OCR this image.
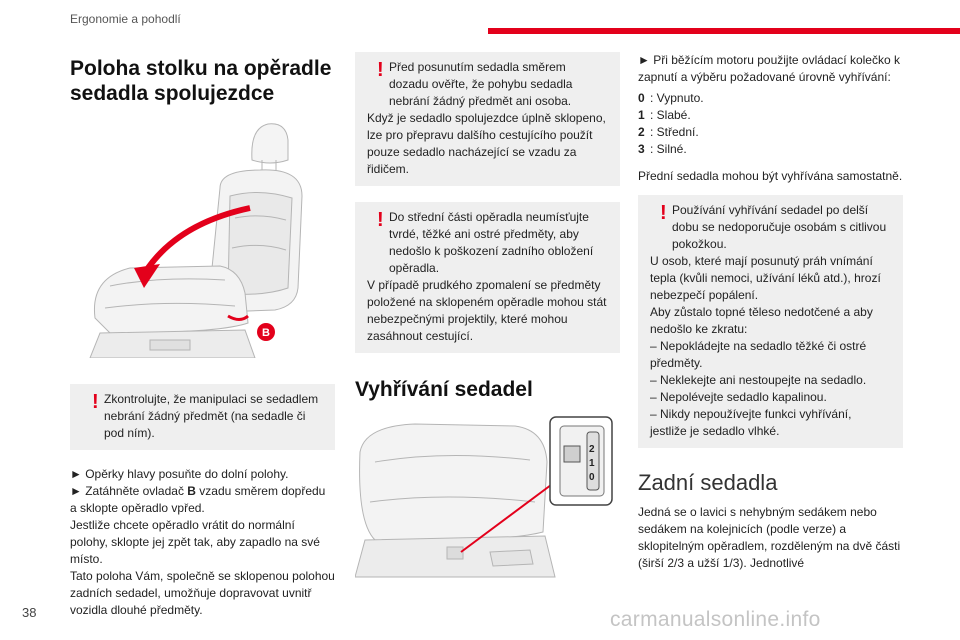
Ergonomie a pohodlí
Poloha stolku na opěradle sedadla spolujezdce
B
! Zkontrolujte, že manipulaci se sedadlem nebrání žádný předmět (na sedadle či pod ním).

► Opěrky hlavy posuňte do dolní polohy.

► Zatáhněte ovladač B vzadu směrem dopředu a sklopte opěradlo vpřed.

Jestliže chcete opěradlo vrátit do normální polohy, sklopte jej zpět tak, aby zapadlo na své místo.

Tato poloha Vám, společně se sklopenou polohou zadních sedadel, umožňuje dopravovat uvnitř vozidla dlouhé předměty.

! Před posunutím sedadla směrem dozadu ověřte, že pohybu sedadla nebrání žádný předmět ani osoba.

Když je sedadlo spolujezdce úplně sklopeno, lze pro přepravu dalšího cestujícího použít pouze sedadlo nacházející se vzadu za řidičem.

! Do střední části opěradla neumísťujte tvrdé, těžké ani ostré předměty, aby nedošlo k poškození zadního obložení opěradla.

V případě prudkého zpomalení se předměty položené na sklopeném opěradle mohou stát nebezpečnými projektily, které mohou zasáhnout cestující.

Vyhřívání sedadel
2
1
0

► Při běžícím motoru použijte ovládací kolečko k zapnutí a výběru požadované úrovně vyhřívání:

0 : Vypnuto.
1 : Slabé.
2 : Střední.
3 : Silné.

Přední sedadla mohou být vyhřívána samostatně.

! Používání vyhřívání sedadel po delší dobu se nedoporučuje osobám s citlivou pokožkou.

U osob, které mají posunutý práh vnímání tepla (kvůli nemoci, užívání léků atd.), hrozí nebezpečí popálení.

Aby zůstalo topné těleso nedotčené a aby nedošlo ke zkratu:

– Nepokládejte na sedadlo těžké či ostré předměty.

– Neklekejte ani nestoupejte na sedadlo.

– Nepolévejte sedadlo kapalinou.

– Nikdy nepoužívejte funkci vyhřívání, jestliže je sedadlo vlhké.

Zadní sedadla

Jedná se o lavici s nehybným sedákem nebo sedákem na kolejnicích (podle verze) a sklopitelným opěradlem, rozděleným na dvě části (širší 2/3 a užší 1/3). Jednotlivé

38	carmanualsonline.info
